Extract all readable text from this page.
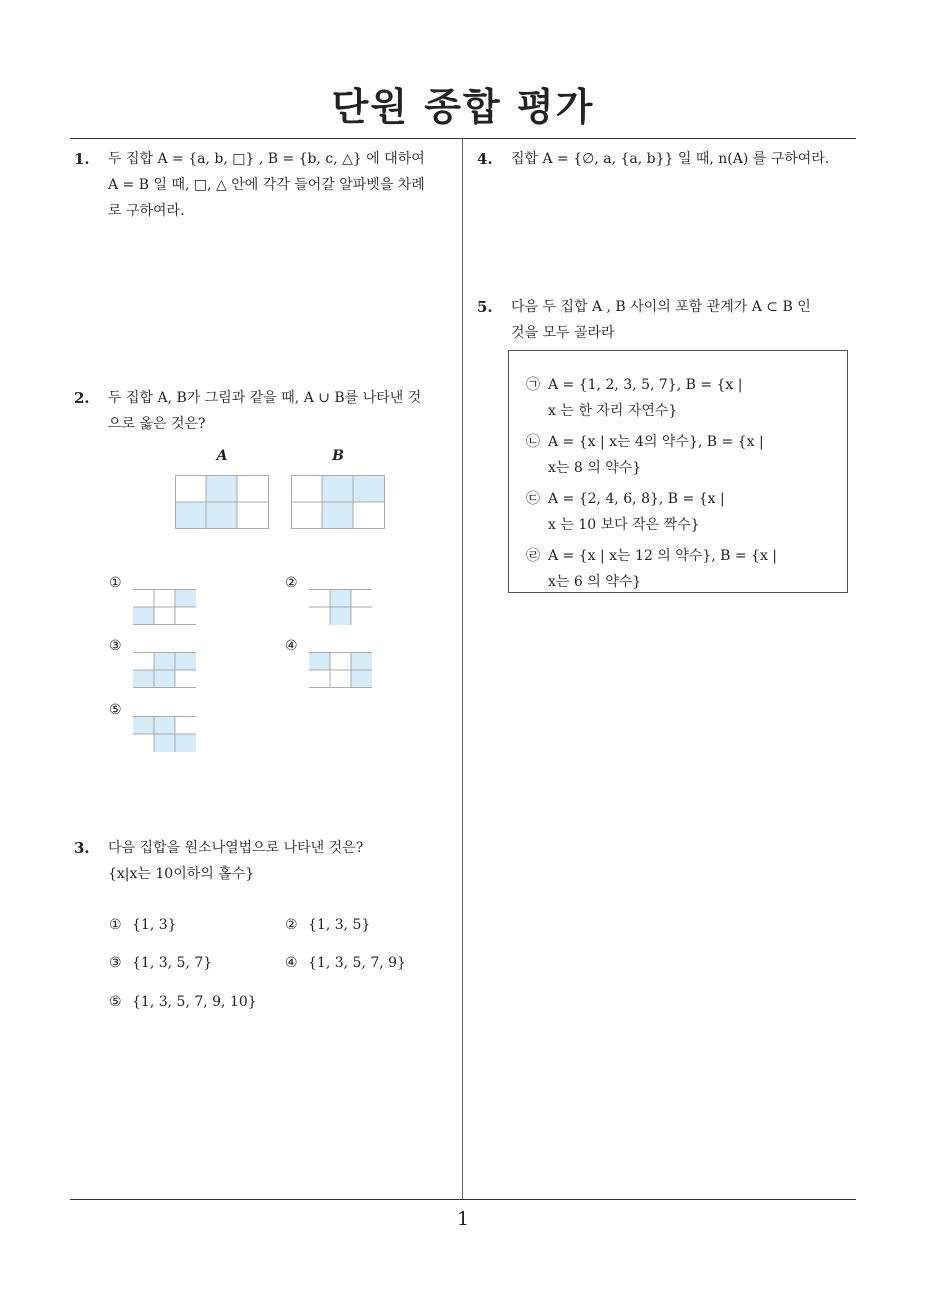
단원 종합 평가
1. 두 집합 A = {a, b, □} , B = {b, c, △} 에 대하여
A = B 일 때, □, △ 안에 각각 들어갈 알파벳을 차례
로 구하여라.
2. 두 집합 A, B가 그림과 같을 때, A ∪ B를 나타낸 것
으로 옳은 것은?
A	B
①	②
③	④
⑤
3. 다음 집합을 원소나열법으로 나타낸 것은?
{x|x는 10이하의 홀수}
① {1, 3}	② {1, 3, 5}
③ {1, 3, 5, 7}	④ {1, 3, 5, 7, 9}
⑤ {1, 3, 5, 7, 9, 10}
4. 집합 A = {∅, a, {a, b}} 일 때, n(A) 를 구하여라.
5. 다음 두 집합 A , B 사이의 포함 관계가 A ⊂ B 인
것을 모두 골라라
㉠ A = {1, 2, 3, 5, 7}, B = {x |
x 는 한 자리 자연수}
㉡ A = {x | x는 4의 약수}, B = {x |
x는 8 의 약수}
㉢ A = {2, 4, 6, 8}, B = {x |
x 는 10 보다 작은 짝수}
㉣ A = {x | x는 12 의 약수}, B = {x |
x는 6 의 약수}
1
